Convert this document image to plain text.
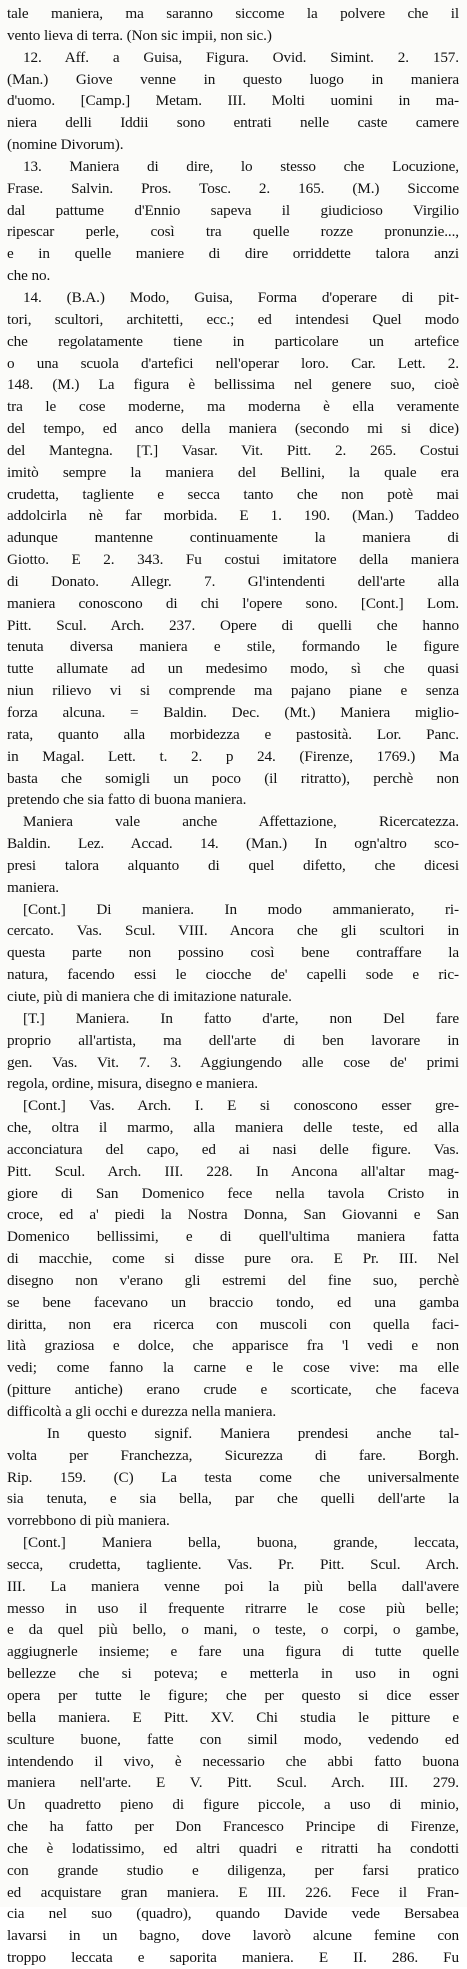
tale maniera, ma saranno siccome la polvere che il
vento lieva di terra. (Non sic impii, non sic.)
12. Aff. a Guisa, Figura. Ovid. Simint. 2. 157.
(Man.) Giove venne in questo luogo in maniera
d'uomo. [Camp.] Metam. III. Molti uomini in ma-
niera delli Iddii sono entrati nelle caste camere
(nomine Divorum).
13. Maniera di dire, lo stesso che Locuzione,
Frase. Salvin. Pros. Tosc. 2. 165. (M.) Siccome
dal pattume d'Ennio sapeva il giudicioso Virgilio
ripescar perle, così tra quelle rozze pronunzie...,
e in quelle maniere di dire orriddette talora anzi
che no.
14. (B.A.) Modo, Guisa, Forma d'operare di pit-
tori, scultori, architetti, ecc.; ed intendesi Quel modo
che regolatamente tiene in particolare un artefice
o una scuola d'artefici nell'operar loro. Car. Lett. 2.
148. (M.) La figura è bellissima nel genere suo, cioè
tra le cose moderne, ma moderna è ella veramente
del tempo, ed anco della maniera (secondo mi si dice)
del Mantegna. [T.] Vasar. Vit. Pitt. 2. 265. Costui
imitò sempre la maniera del Bellini, la quale era
crudetta, tagliente e secca tanto che non potè mai
addolcirla nè far morbida. E 1. 190. (Man.) Taddeo
adunque mantenne continuamente la maniera di
Giotto. E 2. 343. Fu costui imitatore della maniera
di Donato. Allegr. 7. Gl'intendenti dell'arte alla
maniera conoscono di chi l'opere sono. [Cont.] Lom.
Pitt. Scul. Arch. 237. Opere di quelli che hanno
tenuta diversa maniera e stile, formando le figure
tutte allumate ad un medesimo modo, sì che quasi
niun rilievo vi si comprende ma pajano piane e senza
forza alcuna. = Baldin. Dec. (Mt.) Maniera miglio-
rata, quanto alla morbidezza e pastosità. Lor. Panc.
in Magal. Lett. t. 2. p 24. (Firenze, 1769.) Ma
basta che somigli un poco (il ritratto), perchè non
pretendo che sia fatto di buona maniera.
Maniera vale anche Affettazione, Ricercatezza.
Baldin. Lez. Accad. 14. (Man.) In ogn'altro sco-
presi talora alquanto di quel difetto, che dicesi
maniera.
[Cont.] Di maniera. In modo ammanierato, ri-
cercato. Vas. Scul. VIII. Ancora che gli scultori in
questa parte non possino così bene contraffare la
natura, facendo essi le ciocche de' capelli sode e ric-
ciute, più di maniera che di imitazione naturale.
[T.] Maniera. In fatto d'arte, non Del fare
proprio all'artista, ma dell'arte di ben lavorare in
gen. Vas. Vit. 7. 3. Aggiungendo alle cose de' primi
regola, ordine, misura, disegno e maniera.
[Cont.] Vas. Arch. I. E si conoscono esser gre-
che, oltra il marmo, alla maniera delle teste, ed alla
acconciatura del capo, ed ai nasi delle figure. Vas.
Pitt. Scul. Arch. III. 228. In Ancona all'altar mag-
giore di San Domenico fece nella tavola Cristo in
croce, ed a' piedi la Nostra Donna, San Giovanni e San
Domenico bellissimi, e di quell'ultima maniera fatta
di macchie, come si disse pure ora. E Pr. III. Nel
disegno non v'erano gli estremi del fine suo, perchè
se bene facevano un braccio tondo, ed una gamba
diritta, non era ricerca con muscoli con quella faci-
lità graziosa e dolce, che apparisce fra 'l vedi e non
vedi; come fanno la carne e le cose vive: ma elle
(pitture antiche) erano crude e scorticate, che faceva
difficoltà a gli occhi e durezza nella maniera.
In questo signif. Maniera prendesi anche tal-
volta per Franchezza, Sicurezza di fare. Borgh.
Rip. 159. (C) La testa come che universalmente
sia tenuta, e sia bella, par che quelli dell'arte la
vorrebbono di più maniera.
[Cont.] Maniera bella, buona, grande, leccata,
secca, crudetta, tagliente. Vas. Pr. Pitt. Scul. Arch.
III. La maniera venne poi la più bella dall'avere
messo in uso il frequente ritrarre le cose più belle;
e da quel più bello, o mani, o teste, o corpi, o gambe,
aggiugnerle insieme; e fare una figura di tutte quelle
bellezze che si poteva; e metterla in uso in ogni
opera per tutte le figure; che per questo si dice esser
bella maniera. E Pitt. XV. Chi studia le pitture e
sculture buone, fatte con simil modo, vedendo ed
intendendo il vivo, è necessario che abbi fatto buona
maniera nell'arte. E V. Pitt. Scul. Arch. III. 279.
Un quadretto pieno di figure piccole, a uso di minio,
che ha fatto per Don Francesco Principe di Firenze,
che è lodatissimo, ed altri quadri e ritratti ha condotti
con grande studio e diligenza, per farsi pratico
ed acquistare gran maniera. E III. 226. Fece il Fran-
cia nel suo (quadro), quando Davide vede Bersabea
lavarsi in un bagno, dove lavorò alcune femine con
troppo leccata e saporita maniera. E II. 286. Fu
